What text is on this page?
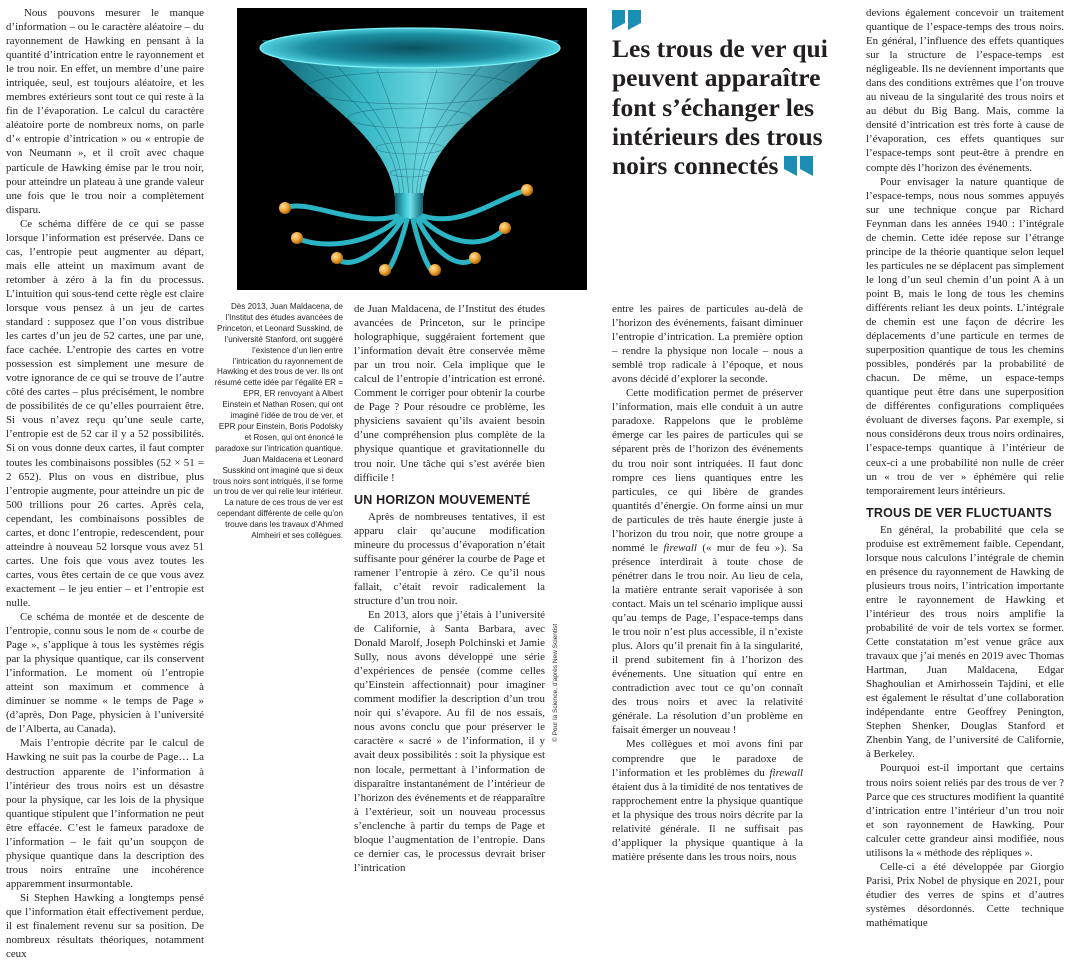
Nous pouvons mesurer le manque d’information – ou le caractère aléatoire – du rayonnement de Hawking en pensant à la quantité d’intrication entre le rayonnement et le trou noir. En effet, un membre d’une paire intriquée, seul, est toujours aléatoire, et les membres extérieurs sont tout ce qui reste à la fin de l’évaporation. Le calcul du caractère aléatoire porte de nombreux noms, on parle d’« entropie d’intrication » ou « entropie de von Neumann », et il croît avec chaque particule de Hawking émise par le trou noir, pour atteindre un plateau à une grande valeur une fois que le trou noir a complètement disparu.

Ce schéma diffère de ce qui se passe lorsque l’information est préservée. Dans ce cas, l’entropie peut augmenter au départ, mais elle atteint un maximum avant de retomber à zéro à la fin du processus. L’intuition qui sous-tend cette règle est claire lorsque vous pensez à un jeu de cartes standard : supposez que l’on vous distribue les cartes d’un jeu de 52 cartes, une par une, face cachée. L’entropie des cartes en votre possession est simplement une mesure de votre ignorance de ce qui se trouve de l’autre côté des cartes – plus précisément, le nombre de possibilités de ce qu’elles pourraient être. Si vous n’avez reçu qu’une seule carte, l’entropie est de 52 car il y a 52 possibilités. Si on vous donne deux cartes, il faut compter toutes les combinaisons possibles (52 × 51 = 2 652). Plus on vous en distribue, plus l’entropie augmente, pour atteindre un pic de 500 trillions pour 26 cartes. Après cela, cependant, les combinaisons possibles de cartes, et donc l’entropie, redescendent, pour atteindre à nouveau 52 lorsque vous avez 51 cartes. Une fois que vous avez toutes les cartes, vous êtes certain de ce que vous avez exactement – le jeu entier – et l’entropie est nulle.

Ce schéma de montée et de descente de l’entropie, connu sous le nom de « courbe de Page », s’applique à tous les systèmes régis par la physique quantique, car ils conservent l’information. Le moment où l’entropie atteint son maximum et commence à diminuer se nomme « le temps de Page » (d’après, Don Page, physicien à l’université de l’Alberta, au Canada).

Mais l’entropie décrite par le calcul de Hawking ne suit pas la courbe de Page… La destruction apparente de l’information à l’intérieur des trous noirs est un désastre pour la physique, car les lois de la physique quantique stipulent que l’information ne peut être effacée. C’est le fameux paradoxe de l’information – le fait qu’un soupçon de physique quantique dans la description des trous noirs entraîne une incohérence apparemment insurmontable.

Si Stephen Hawking a longtemps pensé que l’information était effectivement perdue, il est finalement revenu sur sa position. De nombreux résultats théoriques, notamment ceux

Dès 2013, Juan Maldacena, de l’Institut des études avancées de Princeton, et Leonard Susskind, de l’université Stanford, ont suggéré l’existence d’un lien entre l’intrication du rayonnement de Hawking et des trous de ver. Ils ont résumé cette idée par l’égalité ER = EPR, ER renvoyant à Albert Einstein et Nathan Rosen, qui ont imaginé l’idée de trou de ver, et EPR pour Einstein, Boris Podolsky et Rosen, qui ont énoncé le paradoxe sur l’intrication quantique. Juan Maldacena et Leonard Susskind ont imaginé que si deux trous noirs sont intriqués, il se forme un trou de ver qui relie leur intérieur. La nature de ces trous de ver est cependant différente de celle qu’on trouve dans les travaux d’Ahmed Almheiri et ses collègues.

de Juan Maldacena, de l’Institut des études avancées de Princeton, sur le principe holographique, suggéraient fortement que l’information devait être conservée même par un trou noir. Cela implique que le calcul de l’entropie d’intrication est erroné. Comment le corriger pour obtenir la courbe de Page ? Pour résoudre ce problème, les physiciens savaient qu’ils avaient besoin d’une compréhension plus complète de la physique quantique et gravitationnelle du trou noir. Une tâche qui s’est avérée bien difficile !

UN HORIZON MOUVEMENTÉ

Après de nombreuses tentatives, il est apparu clair qu’aucune modification mineure du processus d’évaporation n’était suffisante pour générer la courbe de Page et ramener l’entropie à zéro. Ce qu’il nous fallait, c’était revoir radicalement la structure d’un trou noir.

En 2013, alors que j’étais à l’université de Californie, à Santa Barbara, avec Donald Marolf, Joseph Polchinski et Jamie Sully, nous avons développé une série d’expériences de pensée (comme celles qu’Einstein affectionnait) pour imaginer comment modifier la description d’un trou noir qui s’évapore. Au fil de nos essais, nous avons conclu que pour préserver le caractère « sacré » de l’information, il y avait deux possibilités : soit la physique est non locale, permettant à l’information de disparaître instantanément de l’intérieur de l’horizon des événements et de réapparaître à l’extérieur, soit un nouveau processus s’enclenche à partir du temps de Page et bloque l’augmentation de l’entropie. Dans ce dernier cas, le processus devrait briser l’intrication

© Pour la Science, d’après New Scientist
Les trous de ver qui peuvent apparaître font s’échanger les intérieurs des trous noirs connectés

entre les paires de particules au-delà de l’horizon des événements, faisant diminuer l’entropie d’intrication. La première option – rendre la physique non locale – nous a semblé trop radicale à l’époque, et nous avons décidé d’explorer la seconde.

Cette modification permet de préserver l’information, mais elle conduit à un autre paradoxe. Rappelons que le problème émerge car les paires de particules qui se séparent près de l’horizon des événements du trou noir sont intriquées. Il faut donc rompre ces liens quantiques entre les particules, ce qui libère de grandes quantités d’énergie. On forme ainsi un mur de particules de très haute énergie juste à l’horizon du trou noir, que notre groupe a nommé le firewall (« mur de feu »). Sa présence interdirait à toute chose de pénétrer dans le trou noir. Au lieu de cela, la matière entrante serait vaporisée à son contact. Mais un tel scénario implique aussi qu’au temps de Page, l’espace-temps dans le trou noir n’est plus accessible, il n’existe plus. Alors qu’il prenait fin à la singularité, il prend subitement fin à l’horizon des événements. Une situation qui entre en contradiction avec tout ce qu’on connaît des trous noirs et avec la relativité générale. La résolution d’un problème en faisait émerger un nouveau !

Mes collègues et moi avons fini par comprendre que le paradoxe de l’information et les problèmes du firewall étaient dus à la timidité de nos tentatives de rapprochement entre la physique quantique et la physique des trous noirs décrite par la relativité générale. Il ne suffisait pas d’appliquer la physique quantique à la matière présente dans les trous noirs, nous

devions également concevoir un traitement quantique de l’espace-temps des trous noirs. En général, l’influence des effets quantiques sur la structure de l’espace-temps est négligeable. Ils ne deviennent importants que dans des conditions extrêmes que l’on trouve au niveau de la singularité des trous noirs et au début du Big Bang. Mais, comme la densité d’intrication est très forte à cause de l’évaporation, ces effets quantiques sur l’espace-temps sont peut-être à prendre en compte dès l’horizon des événements.

Pour envisager la nature quantique de l’espace-temps, nous nous sommes appuyés sur une technique conçue par Richard Feynman dans les années 1940 : l’intégrale de chemin. Cette idée repose sur l’étrange principe de la théorie quantique selon lequel les particules ne se déplacent pas simplement le long d’un seul chemin d’un point A à un point B, mais le long de tous les chemins différents reliant les deux points. L’intégrale de chemin est une façon de décrire les déplacements d’une particule en termes de superposition quantique de tous les chemins possibles, pondérés par la probabilité de chacun. De même, un espace-temps quantique peut être dans une superposition de différentes configurations compliquées évoluant de diverses façons. Par exemple, si nous considérons deux trous noirs ordinaires, l’espace-temps quantique à l’intérieur de ceux-ci a une probabilité non nulle de créer un « trou de ver » éphémère qui relie temporairement leurs intérieurs.

TROUS DE VER FLUCTUANTS

En général, la probabilité que cela se produise est extrêmement faible. Cependant, lorsque nous calculons l’intégrale de chemin en présence du rayonnement de Hawking de plusieurs trous noirs, l’intrication importante entre le rayonnement de Hawking et l’intérieur des trous noirs amplifie la probabilité de voir de tels vortex se former. Cette constatation m’est venue grâce aux travaux que j’ai menés en 2019 avec Thomas Hartman, Juan Maldacena, Edgar Shaghoulian et Amirhossein Tajdini, et elle est également le résultat d’une collaboration indépendante entre Geoffrey Penington, Stephen Shenker, Douglas Stanford et Zhenbin Yang, de l’université de Californie, à Berkeley.

Pourquoi est-il important que certains trous noirs soient reliés par des trous de ver ? Parce que ces structures modifient la quantité d’intrication entre l’intérieur d’un trou noir et son rayonnement de Hawking. Pour calculer cette grandeur ainsi modifiée, nous utilisons la « méthode des répliques ».

Celle-ci a été développée par Giorgio Parisi, Prix Nobel de physique en 2021, pour étudier des verres de spins et d’autres systèmes désordonnés. Cette technique mathématique
